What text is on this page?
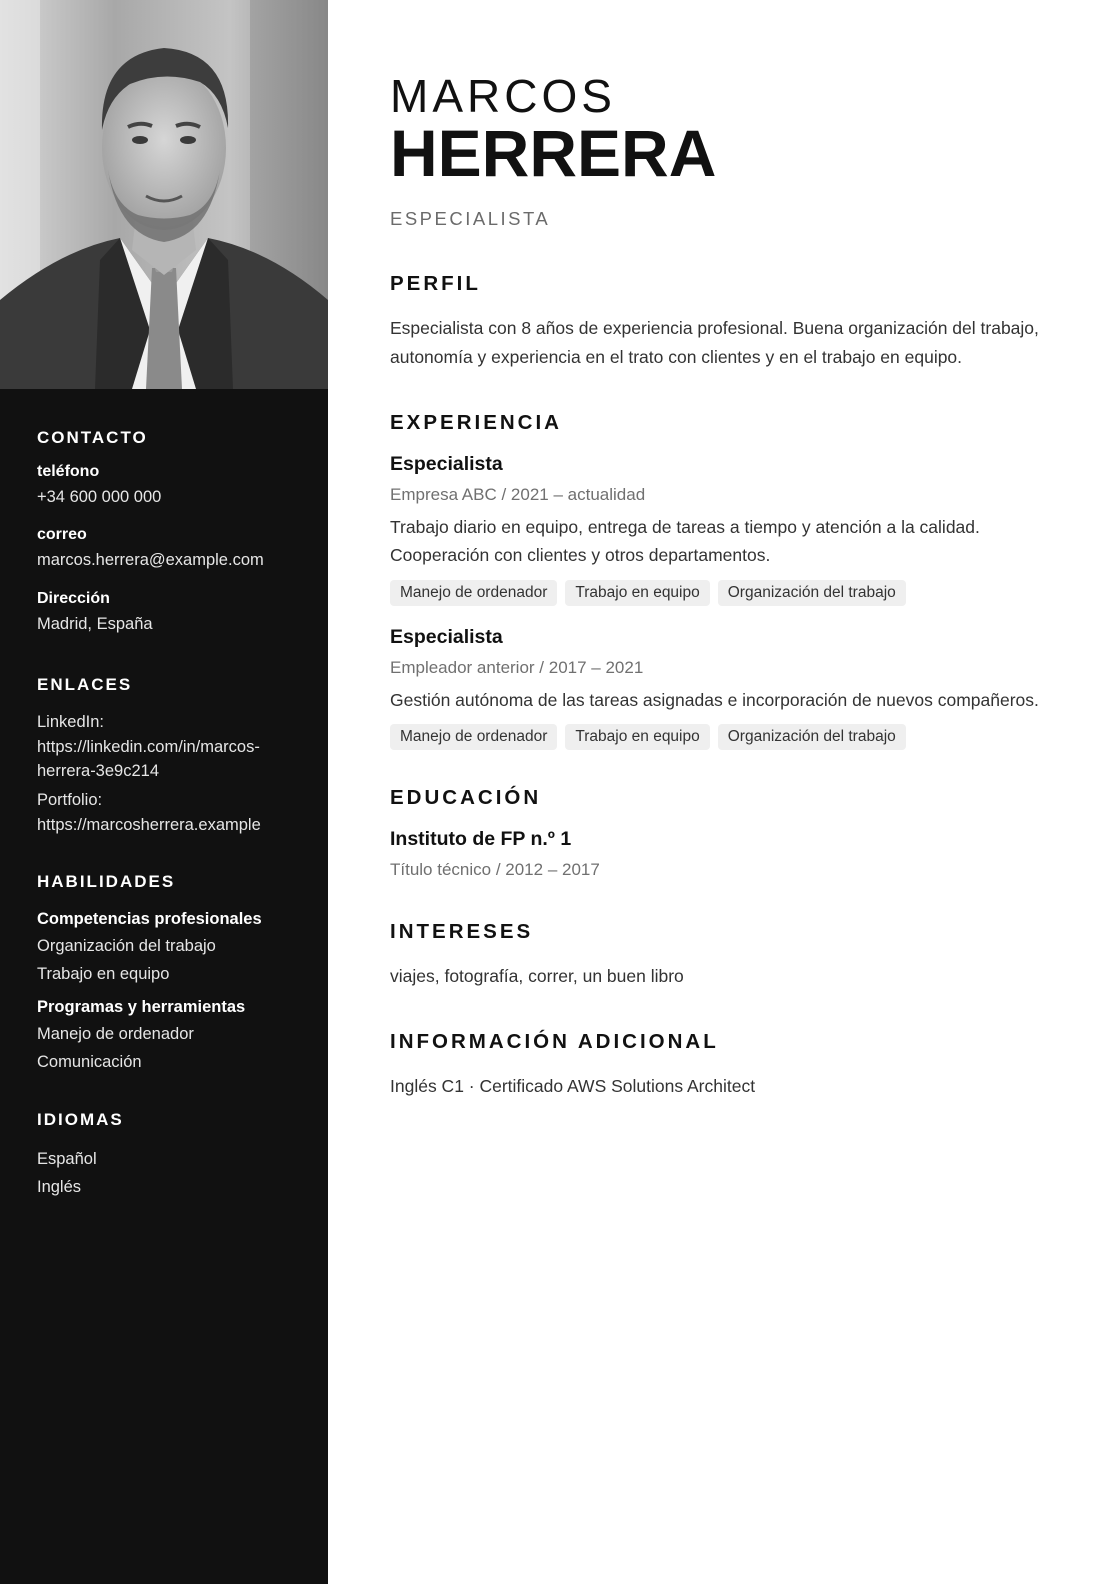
CONTACTO
teléfono
+34 600 000 000
correo
marcos.herrera@example.com
Dirección
Madrid, España
ENLACES
LinkedIn:
https://linkedin.com/in/marcos-
herrera-3e9c214
Portfolio:
https://marcosherrera.example
HABILIDADES
Competencias profesionales
Organización del trabajo
Trabajo en equipo
Programas y herramientas
Manejo de ordenador
Comunicación
IDIOMAS
Español
Inglés
MARCOS
HERRERA
ESPECIALISTA
PERFIL

Especialista con 8 años de experiencia profesional. Buena organización del trabajo, autonomía y experiencia en el trato con clientes y en el trabajo en equipo.

EXPERIENCIA
Especialista
Empresa ABC / 2021 – actualidad
Trabajo diario en equipo, entrega de tareas a tiempo y atención a la calidad. Cooperación con clientes y otros departamentos.
Manejo de ordenador	Trabajo en equipo	Organización del trabajo
Especialista
Empleador anterior / 2017 – 2021
Gestión autónoma de las tareas asignadas e incorporación de nuevos compañeros.
Manejo de ordenador	Trabajo en equipo	Organización del trabajo
EDUCACIÓN
Instituto de FP n.º 1
Título técnico / 2012 – 2017
INTERESES

viajes, fotografía, correr, un buen libro

INFORMACIÓN ADICIONAL

Inglés C1 · Certificado AWS Solutions Architect
